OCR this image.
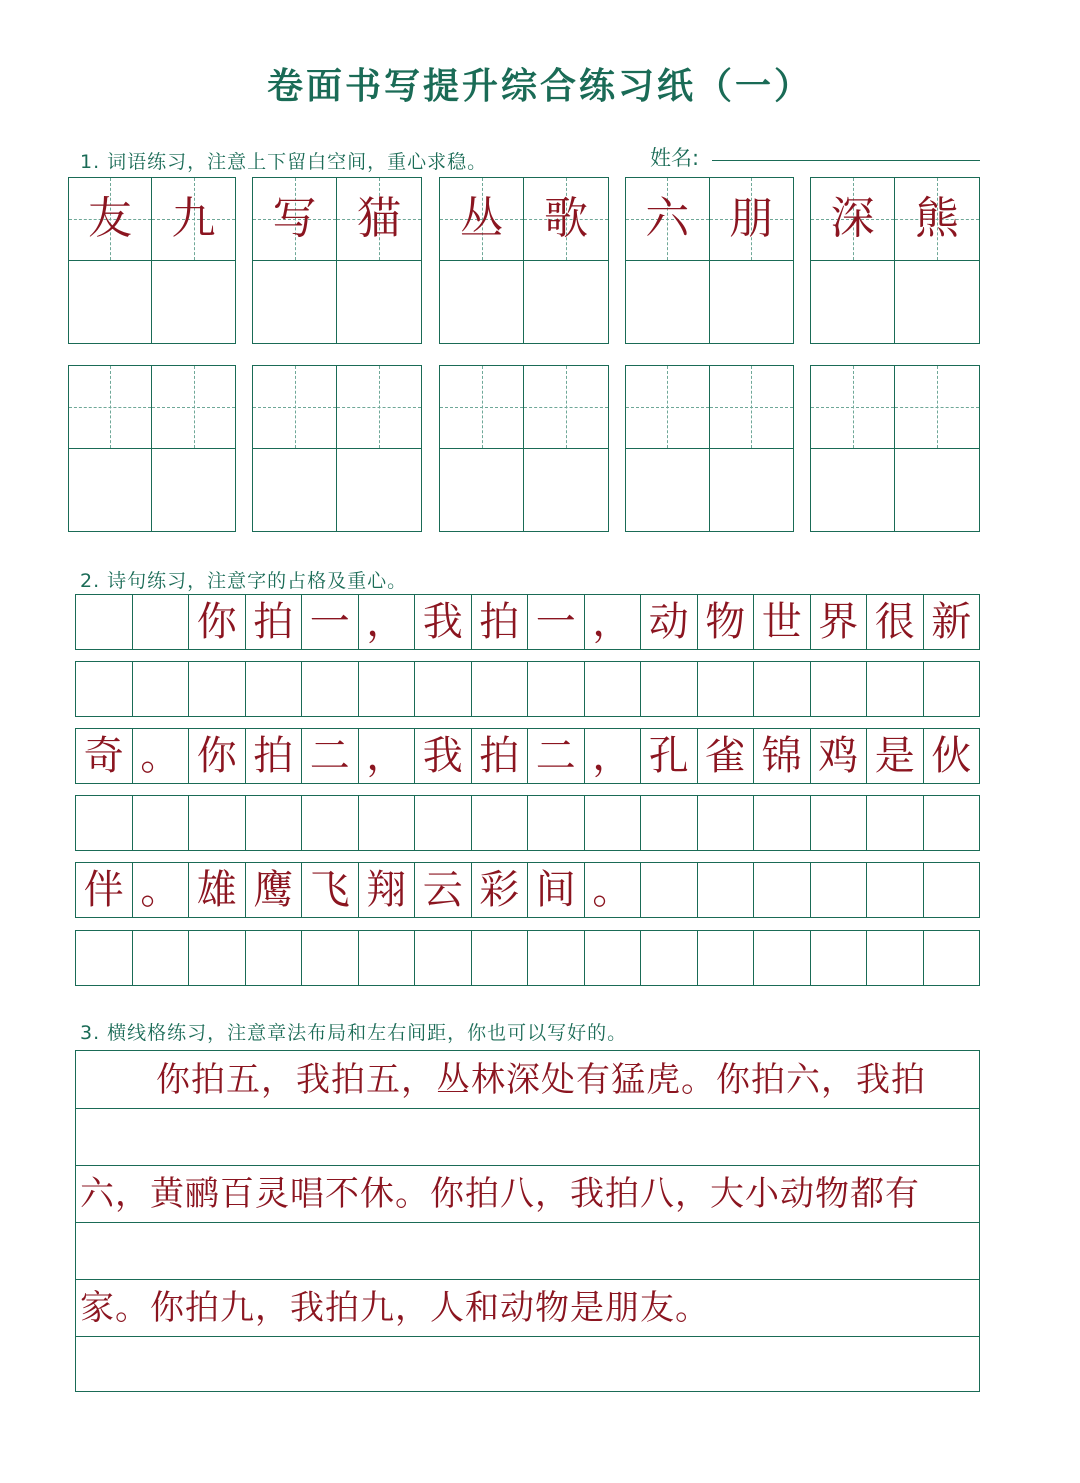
卷面书写提升综合练习纸（一）
1. 词语练习，注意上下留白空间，重心求稳。	姓名:
友 九 写 猫 丛 歌 六 朋 深 熊
2. 诗句练习，注意字的占格及重心。
你 拍 一 ， 我 拍 一 ， 动 物 世 界 很 新
奇 。 你 拍 二 ， 我 拍 二 ， 孔 雀 锦 鸡 是 伙
伴 。 雄 鹰 飞 翔 云 彩 间 。
3. 横线格练习，注意章法布局和左右间距，你也可以写好的。
你拍五，我拍五，丛林深处有猛虎。你拍六，我拍
六，黄鹂百灵唱不休。你拍八，我拍八，大小动物都有
家。你拍九，我拍九，人和动物是朋友。
